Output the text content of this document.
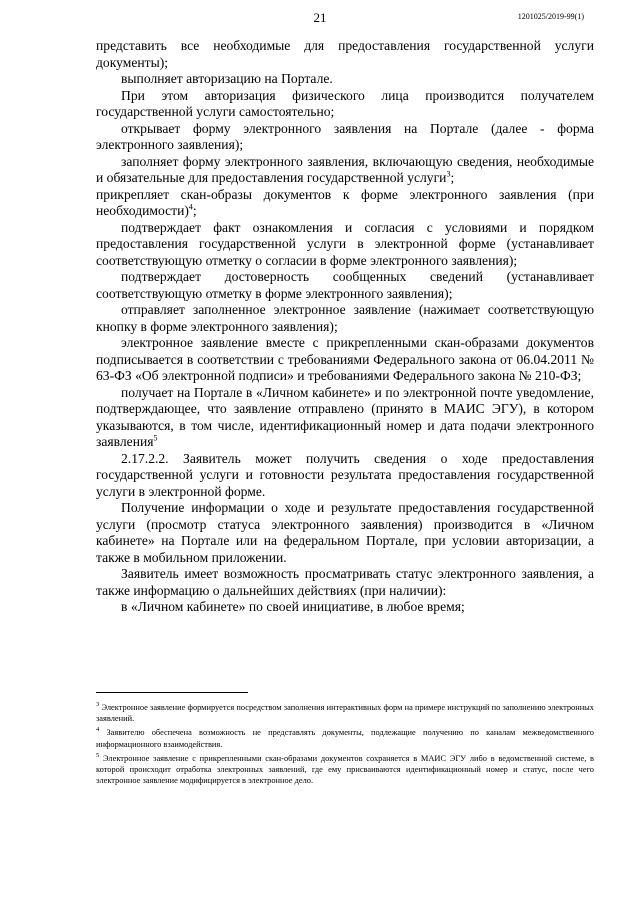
21	1201025/2019-99(1)

представить все необходимые для предоставления государственной услуги документы);

выполняет авторизацию на Портале.

При этом авторизация физического лица производится получателем государственной услуги самостоятельно;

открывает форму электронного заявления на Портале (далее - форма электронного заявления);

заполняет форму электронного заявления, включающую сведения, необходимые и обязательные для предоставления государственной услуги$^3$;

прикрепляет скан-образы документов к форме электронного заявления (при необходимости)$^4$;

подтверждает факт ознакомления и согласия с условиями и порядком предоставления государственной услуги в электронной форме (устанавливает соответствующую отметку о согласии в форме электронного заявления);

подтверждает достоверность сообщенных сведений (устанавливает соответствующую отметку в форме электронного заявления);

отправляет заполненное электронное заявление (нажимает соответствующую кнопку в форме электронного заявления);

электронное заявление вместе с прикрепленными скан-образами документов подписывается в соответствии с требованиями Федерального закона от 06.04.2011 № 63-ФЗ «Об электронной подписи» и требованиями Федерального закона № 210-ФЗ;

получает на Портале в «Личном кабинете» и по электронной почте уведомление, подтверждающее, что заявление отправлено (принято в МАИС ЭГУ), в котором указываются, в том числе, идентификационный номер и дата подачи электронного заявления$^5$

2.17.2.2. Заявитель может получить сведения о ходе предоставления государственной услуги и готовности результата предоставления государственной услуги в электронной форме.

Получение информации о ходе и результате предоставления государственной услуги (просмотр статуса электронного заявления) производится в «Личном кабинете» на Портале или на федеральном Портале, при условии авторизации, а также в мобильном приложении.

Заявитель имеет возможность просматривать статус электронного заявления, а также информацию о дальнейших действиях (при наличии):

в «Личном кабинете» по своей инициативе, в любое время;

$^3$ Электронное заявление формируется посредством заполнения интерактивных форм на примере инструкций по заполнению электронных заявлений.

$^4$ Заявителю обеспечена возможность не представлять документы, подлежащие получению по каналам межведомственного информационного взаимодействия.

$^5$ Электронное заявление с прикрепленными скан-образами документов сохраняется в МАИС ЭГУ либо в ведомственной системе, в которой происходит отработка электронных заявлений, где ему присваиваются идентификационный номер и статус, после чего электронное заявление модифицируется в электронное дело.
